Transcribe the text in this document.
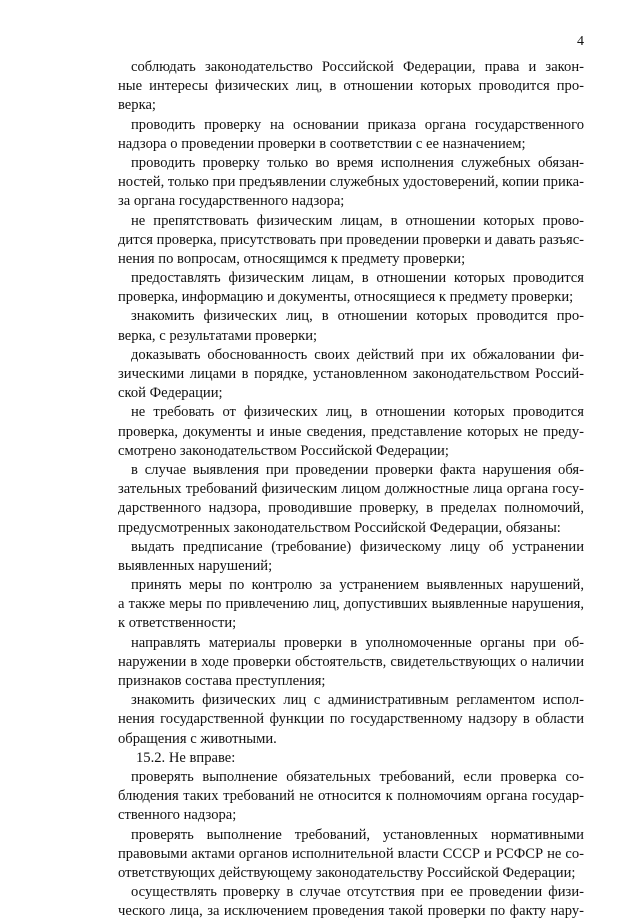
4
соблюдать законодательство Российской Федерации, права и закон-
ные интересы физических лиц, в отношении которых проводится про-
верка;
проводить проверку на основании приказа органа государственного
надзора о проведении проверки в соответствии с ее назначением;
проводить проверку только во время исполнения служебных обязан-
ностей, только при предъявлении служебных удостоверений, копии прика-
за органа государственного надзора;
не препятствовать физическим лицам, в отношении которых прово-
дится проверка, присутствовать при проведении проверки и давать разъяс-
нения по вопросам, относящимся к предмету проверки;
предоставлять физическим лицам, в отношении которых проводится
проверка, информацию и документы, относящиеся к предмету проверки;
знакомить физических лиц, в отношении которых проводится про-
верка, с результатами проверки;
доказывать обоснованность своих действий при их обжаловании фи-
зическими лицами в порядке, установленном законодательством Россий-
ской Федерации;
не требовать от физических лиц, в отношении которых проводится
проверка, документы и иные сведения, представление которых не преду-
смотрено законодательством Российской Федерации;
в случае выявления при проведении проверки факта нарушения обя-
зательных требований физическим лицом должностные лица органа госу-
дарственного надзора, проводившие проверку, в пределах полномочий,
предусмотренных законодательством Российской Федерации, обязаны:
выдать предписание (требование) физическому лицу об устранении
выявленных нарушений;
принять меры по контролю за устранением выявленных нарушений,
а также меры по привлечению лиц, допустивших выявленные нарушения,
к ответственности;
направлять материалы проверки в уполномоченные органы при об-
наружении в ходе проверки обстоятельств, свидетельствующих о наличии
признаков состава преступления;
знакомить физических лиц с административным регламентом испол-
нения государственной функции по государственному надзору в области
обращения с животными.
15.2. Не вправе:
проверять выполнение обязательных требований, если проверка со-
блюдения таких требований не относится к полномочиям органа государ-
ственного надзора;
проверять выполнение требований, установленных нормативными
правовыми актами органов исполнительной власти СССР и РСФСР не со-
ответствующих действующему законодательству Российской Федерации;
осуществлять проверку в случае отсутствия при ее проведении физи-
ческого лица, за исключением проведения такой проверки по факту нару-
